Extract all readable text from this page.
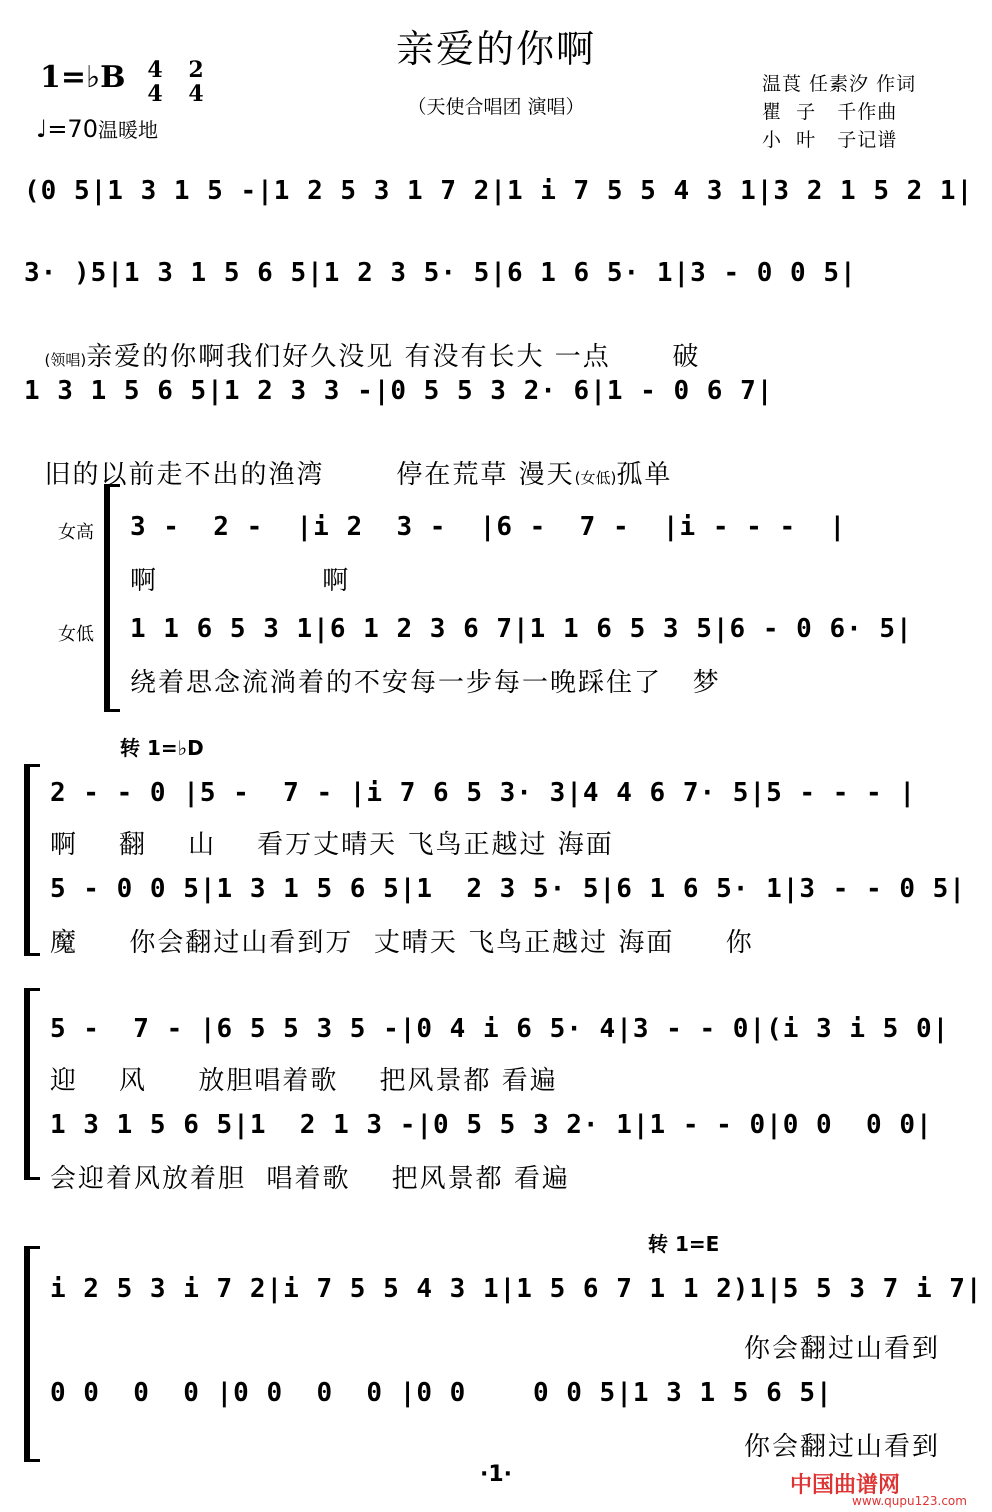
亲爱的你啊
（天使合唱团 演唱）
1=♭B 4
4
2
4
♩=70温暖地
温莨 任素汐 作词
瞿  子   千作曲
小  叶   子记谱
(0 5|1 3 1 5 -|1 2 5 3 1 7 2|1 i 7 5 5 4 3 1|3 2 1 5 2 1|
3· )5|1 3 1 5 6 5|1 2 3 5· 5|6 1 6 5· 1|3 - 0 0 5|

(领唱)亲爱的你啊我们好久没见 有没有长大 一点      破

1 3 1 5 6 5|1 2 3 3 -|0 5 5 3 2· 6|1 - 0 6 7|

旧的以前走不出的渔湾       停在荒草 漫天(女低)孤单

女高
女低
3 -  2 -  |i 2  3 -  |6 -  7 -  |i - - -  |
啊                啊
1 1 6 5 3 1|6 1 2 3 6 7|1 1 6 5 3 5|6 - 0 6· 5|
绕着思念流淌着的不安每一步每一晚踩住了   梦
转 1=♭D
2 - - 0 |5 -  7 - |i 7 6 5 3· 3|4 4 6 7· 5|5 - - - |
啊    翻    山    看万丈晴天 飞鸟正越过 海面
5 - 0 0 5|1 3 1 5 6 5|1  2 3 5· 5|6 1 6 5· 1|3 - - 0 5|
魔     你会翻过山看到万  丈晴天 飞鸟正越过 海面     你
5 -  7 - |6 5 5 3 5 -|0 4 i 6 5· 4|3 - - 0|(i 3 i 5 0|
迎    风     放胆唱着歌    把风景都 看遍
1 3 1 5 6 5|1  2 1 3 -|0 5 5 3 2· 1|1 - - 0|0 0  0 0|
会迎着风放着胆  唱着歌    把风景都 看遍
转 1=E
i 2 5 3 i 7 2|i 7 5 5 4 3 1|1 5 6 7 1 1 2)1|5 5 3 7 i 7|
你会翻过山看到
0 0  0  0 |0 0  0  0 |0 0    0 0 5|1 3 1 5 6 5|
你会翻过山看到
·1·	中国曲谱网
www.qupu123.com
